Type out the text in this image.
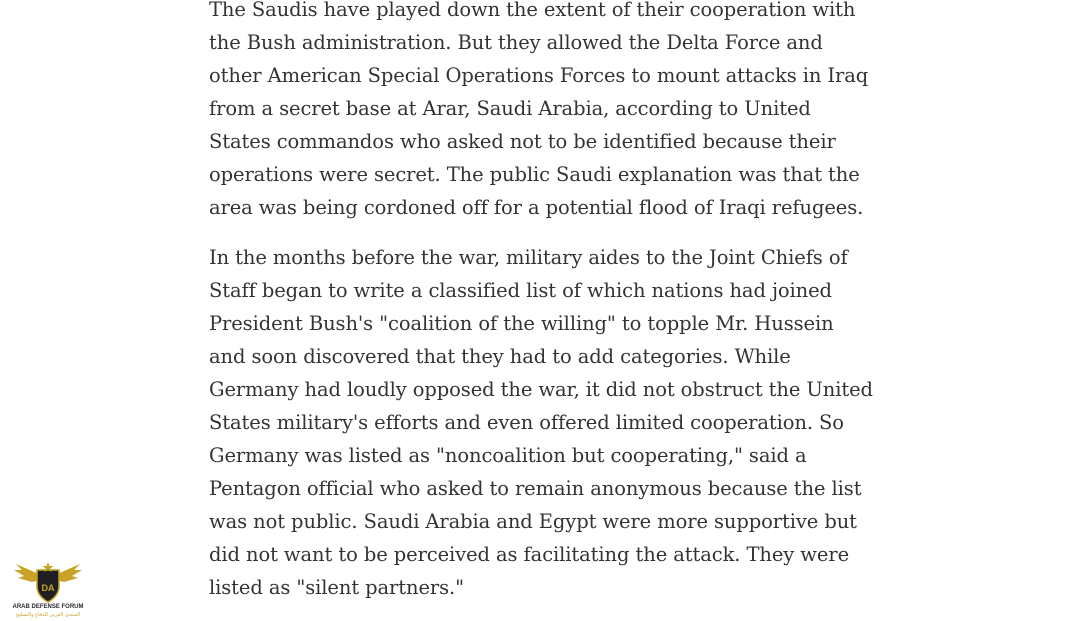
The Saudis have played down the extent of their cooperation with the Bush administration. But they allowed the Delta Force and other American Special Operations Forces to mount attacks in Iraq from a secret base at Arar, Saudi Arabia, according to United States commandos who asked not to be identified because their operations were secret. The public Saudi explanation was that the area was being cordoned off for a potential flood of Iraqi refugees.

In the months before the war, military aides to the Joint Chiefs of Staff began to write a classified list of which nations had joined President Bush's "coalition of the willing" to topple Mr. Hussein and soon discovered that they had to add categories. While Germany had loudly opposed the war, it did not obstruct the United States military's efforts and even offered limited cooperation. So Germany was listed as "noncoalition but cooperating," said a Pentagon official who asked to remain anonymous because the list was not public. Saudi Arabia and Egypt were more supportive but did not want to be perceived as facilitating the attack. They were listed as "silent partners."

DA
ARAB DEFENSE FORUM
المنتدى العربي للدفاع والتسليح
